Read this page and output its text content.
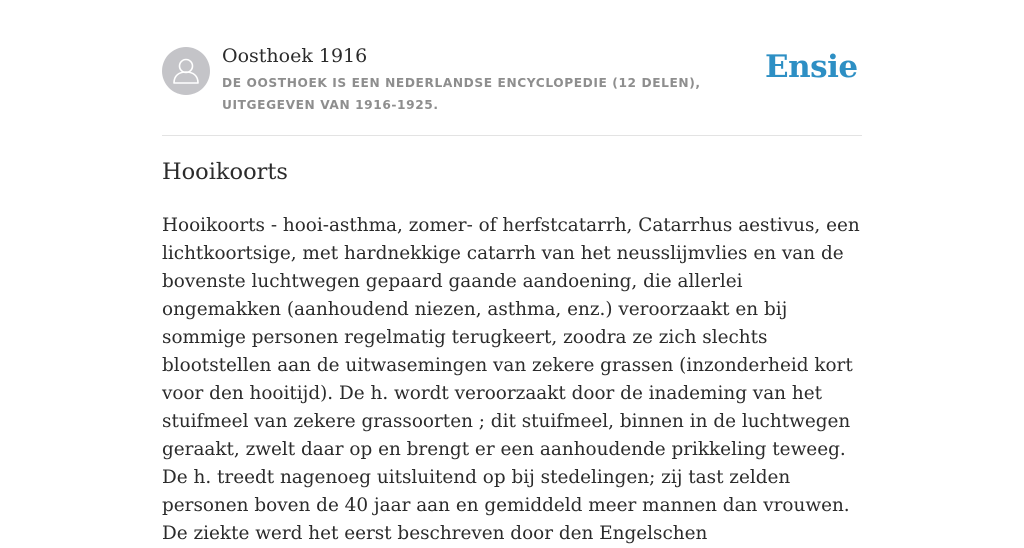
Oosthoek 1916
DE OOSTHOEK IS EEN NEDERLANDSE ENCYCLOPEDIE (12 DELEN), UITGEGEVEN VAN 1916-1925.
Ensie
Hooikoorts

Hooikoorts - hooi-asthma, zomer- of herfstcatarrh, Catarrhus aestivus, een lichtkoortsige, met hardnekkige catarrh van het neusslijmvlies en van de bovenste luchtwegen gepaard gaande aandoening, die allerlei ongemakken (aanhoudend niezen, asthma, enz.) veroorzaakt en bij sommige personen regelmatig terugkeert, zoodra ze zich slechts blootstellen aan de uitwasemingen van zekere grassen (inzonderheid kort voor den hooitijd). De h. wordt veroorzaakt door de inademing van het stuifmeel van zekere grassoorten ; dit stuifmeel, binnen in de luchtwegen geraakt, zwelt daar op en brengt er een aanhoudende prikkeling teweeg. De h. treedt nagenoeg uitsluitend op bij stedelingen; zij tast zelden personen boven de 40 jaar aan en gemiddeld meer mannen dan vrouwen. De ziekte werd het eerst beschreven door den Engelschen
